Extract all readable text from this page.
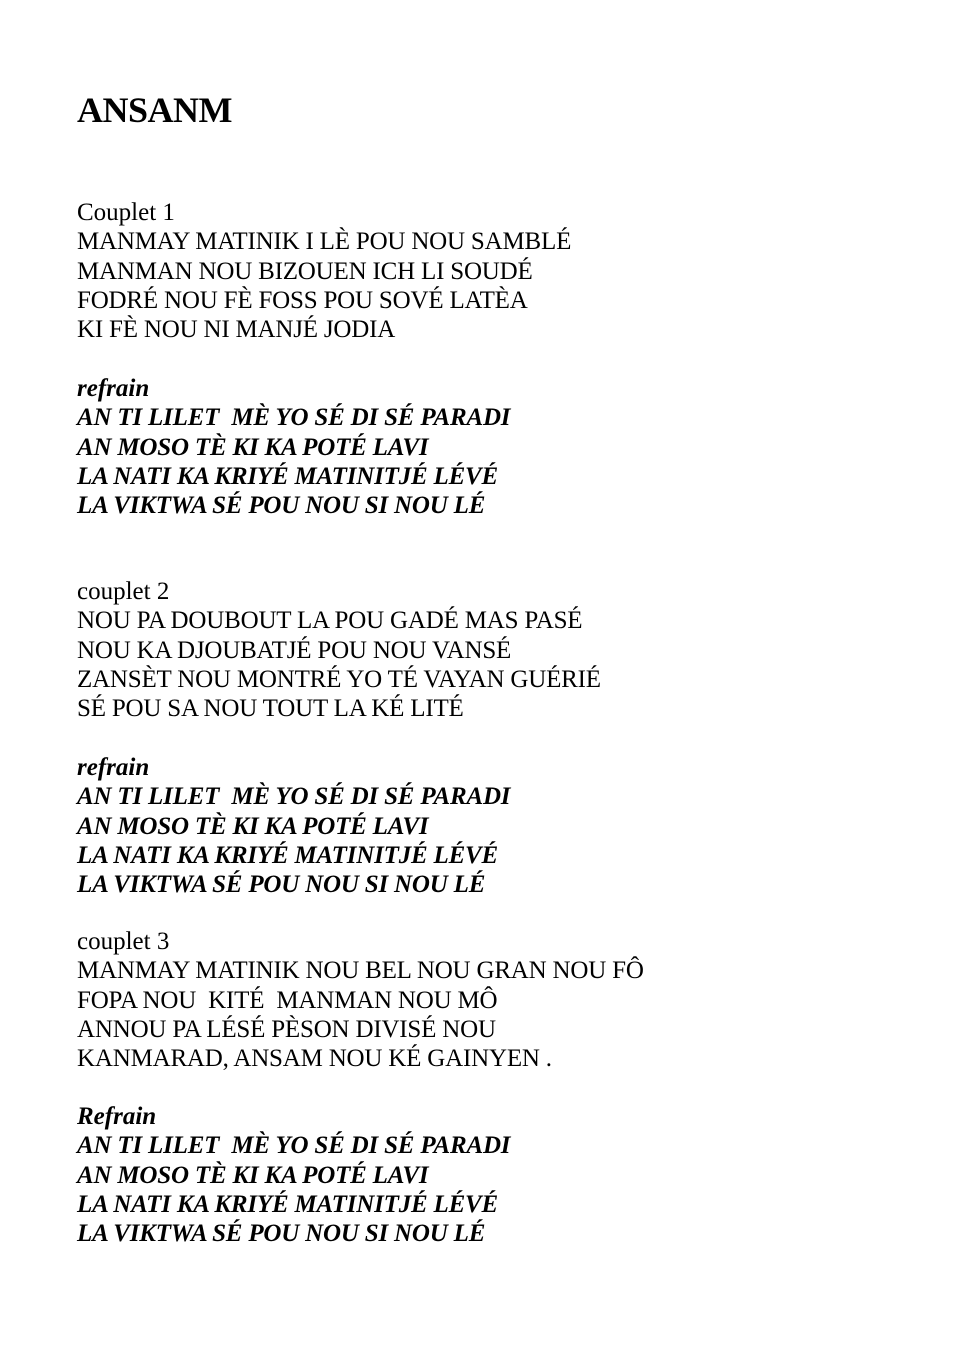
ANSANM
Couplet 1
MANMAY MATINIK I LÈ POU NOU SAMBLÉ
MANMAN NOU BIZOUEN ICH LI SOUDÉ
FODRÉ NOU FÈ FOSS POU SOVÉ LATÈA
KI FÈ NOU NI MANJÉ JODIA
refrain
AN TI LILET  MÈ YO SÉ DI SÉ PARADI
AN MOSO TÈ KI KA POTÉ LAVI
LA NATI KA KRIYÉ MATINITJÉ LÉVÉ
LA VIKTWA SÉ POU NOU SI NOU LÉ
couplet 2
NOU PA DOUBOUT LA POU GADÉ MAS PASÉ
NOU KA DJOUBATJÉ POU NOU VANSÉ
ZANSÈT NOU MONTRÉ YO TÉ VAYAN GUÉRIÉ
SÉ POU SA NOU TOUT LA KÉ LITÉ
refrain
AN TI LILET  MÈ YO SÉ DI SÉ PARADI
AN MOSO TÈ KI KA POTÉ LAVI
LA NATI KA KRIYÉ MATINITJÉ LÉVÉ
LA VIKTWA SÉ POU NOU SI NOU LÉ
couplet 3
MANMAY MATINIK NOU BEL NOU GRAN NOU FÔ
FOPA NOU  KITÉ  MANMAN NOU MÔ
ANNOU PA LÉSÉ PÈSON DIVISÉ NOU
KANMARAD, ANSAM NOU KÉ GAINYEN .
Refrain
AN TI LILET  MÈ YO SÉ DI SÉ PARADI
AN MOSO TÈ KI KA POTÉ LAVI
LA NATI KA KRIYÉ MATINITJÉ LÉVÉ
LA VIKTWA SÉ POU NOU SI NOU LÉ
